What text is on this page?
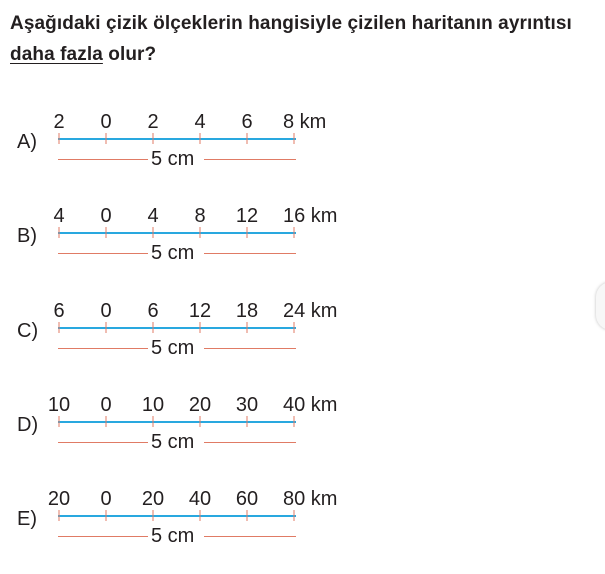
Aşağıdaki çizik ölçeklerin hangisiyle çizilen haritanın ayrıntısı daha fazla olur?
A)
2 0 2 4 6 8 km
5 cm
B)
4 0 4 8 12 16 km
5 cm
C)
6 0 6 12 18 24 km
5 cm
D)
10 0 10 20 30 40 km
5 cm
E)
20 0 20 40 60 80 km
5 cm
